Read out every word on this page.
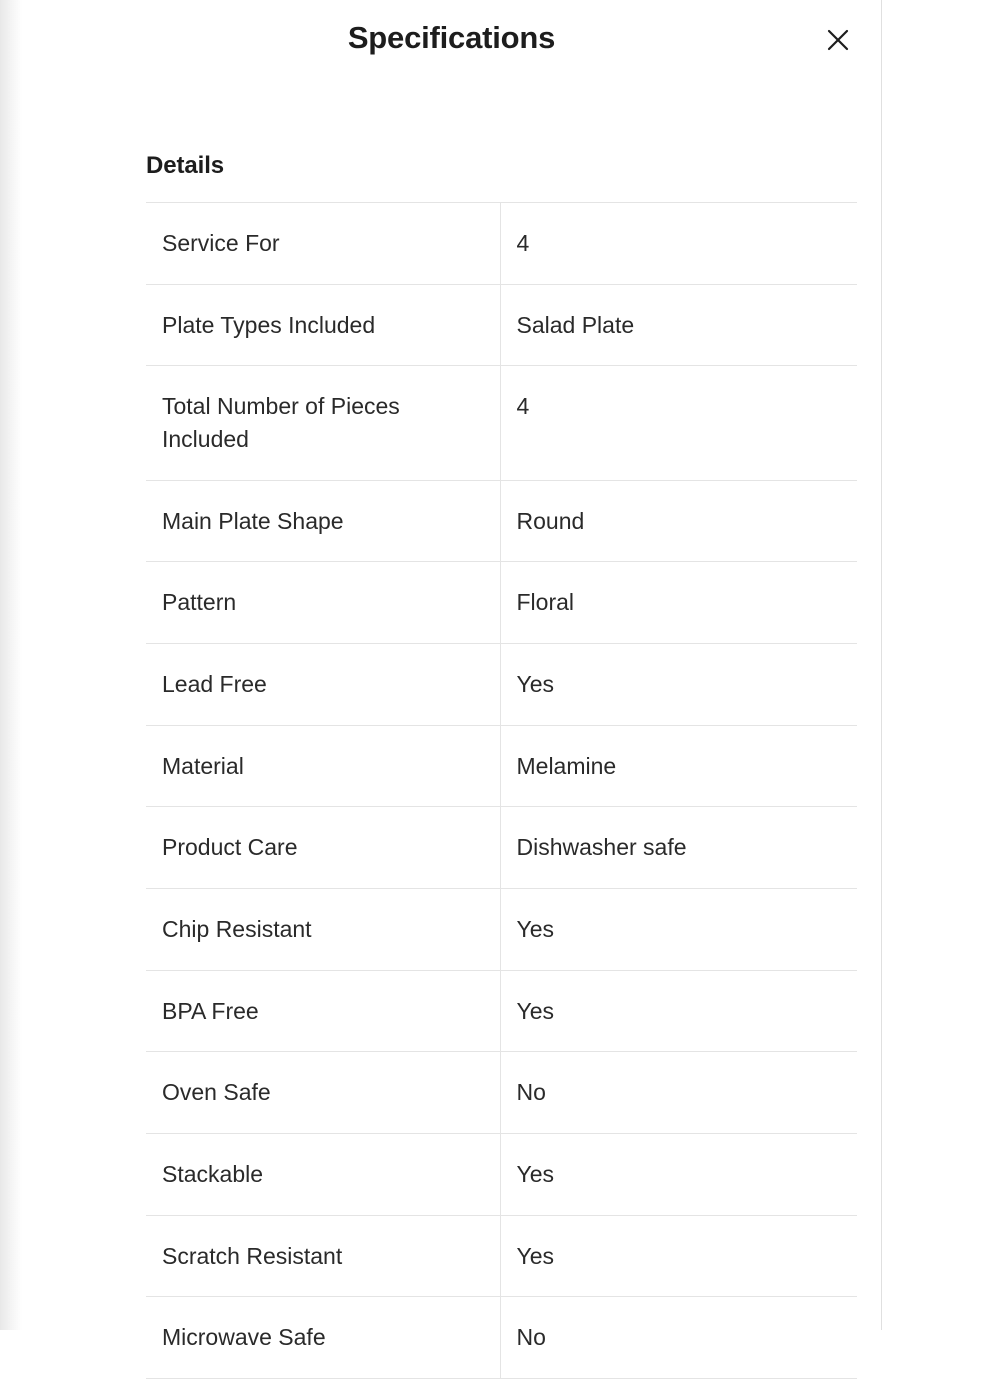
Specifications
Details
Service For	4
Plate Types Included	Salad Plate
Total Number of Pieces Included	4
Main Plate Shape	Round
Pattern	Floral
Lead Free	Yes
Material	Melamine
Product Care	Dishwasher safe
Chip Resistant	Yes
BPA Free	Yes
Oven Safe	No
Stackable	Yes
Scratch Resistant	Yes
Microwave Safe	No
